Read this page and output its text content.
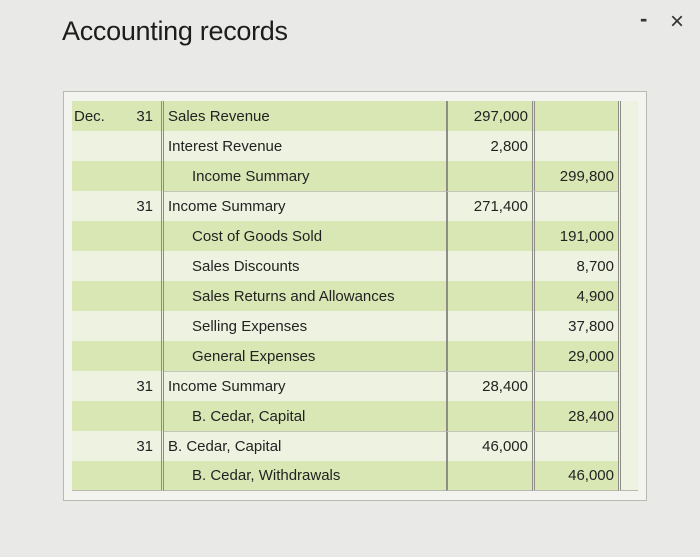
Accounting records	- ×
Dec.	31	Sales Revenue	297,000		
		Interest Revenue	2,800		
		Income Summary		299,800	
	31	Income Summary	271,400		
		Cost of Goods Sold		191,000	
		Sales Discounts		8,700	
		Sales Returns and Allowances		4,900	
		Selling Expenses		37,800	
		General Expenses		29,000	
	31	Income Summary	28,400		
		B. Cedar, Capital		28,400	
	31	B. Cedar, Capital	46,000		
		B. Cedar, Withdrawals		46,000	
